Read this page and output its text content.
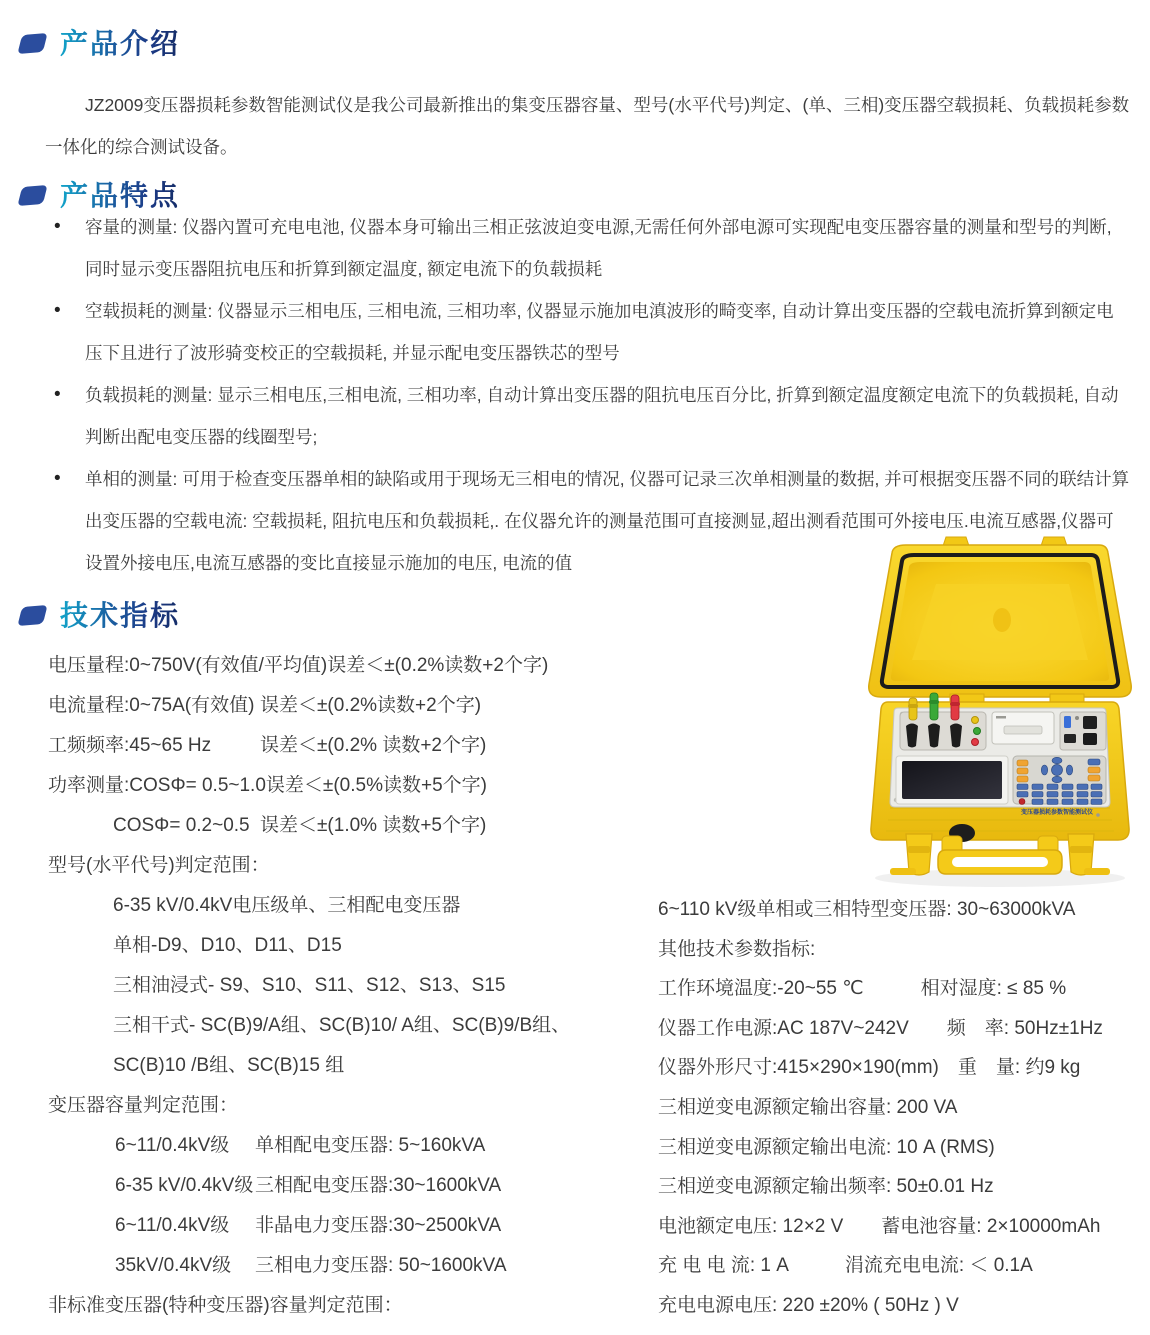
产品介绍

JZ2009变压器损耗参数智能测试仪是我公司最新推出的集变压器容量、型号(水平代号)判定、(单、三相)变压器空载损耗、负载损耗参数一体化的综合测试设备。

产品特点
• 容量的测量: 仪器內置可充电电池, 仪器本身可输出三相正弦波迫变电源,无需任何外部电源可实现配电变压器容量的测量和型号的判断, 同时显示变压器阻抗电压和折算到额定温度, 额定电流下的负载损耗
• 空载损耗的测量: 仪器显示三相电压, 三相电流, 三相功率, 仪器显示施加电滇波形的畸变率, 自动计算出变压器的空载电流折算到额定电压下且进行了波形骑变校正的空载损耗, 并显示配电变压器铁芯的型号
• 负载损耗的测量: 显示三相电压,三相电流, 三相功率, 自动计算出变压器的阻抗电压百分比, 折算到额定温度额定电流下的负载损耗, 自动判断出配电变压器的线圈型号;
• 单相的测量: 可用于检查变压器单相的缺陷或用于现场无三相电的情况, 仪器可记录三次单相测量的数据, 并可根据变压器不同的联结计算出变压器的空载电流: 空载损耗, 阻抗电压和负载损耗,. 在仪器允许的测量范围可直接测显,超出测看范围可外接电压.电流互感器,仪器可设置外接电压,电流互感器的变比直接显示施加的电压, 电流的值
技术指标
电压量程:0~750V(有效值/平均值) 误差＜±(0.2%读数+2个字)
电流量程:0~75A(有效值) 误差＜±(0.2%读数+2个字)
工频频率:45~65 Hz	误差＜±(0.2% 读数+2个字)
功率测量:COSΦ= 0.5~1.0 误差＜±(0.5%读数+5个字)
COSΦ= 0.2~0.5 误差＜±(1.0% 读数+5个字)
型号(水平代号)判定范围：
6-35 kV/0.4kV电压级单、三相配电变压器
单相-D9、D10、D11、D15
三相油浸式- S9、S10、S11、S12、S13、S15
三相干式- SC(B)9/A组、SC(B)10/ A组、SC(B)9/B组、
SC(B)10 /B组、SC(B)15 组
变压器容量判定范围：
6~11/0.4kV级	单相配电变压器: 5~160kVA
6-35 kV/0.4kV级 三相配电变压器:30~1600kVA
6~11/0.4kV级	非晶电力变压器:30~2500kVA
35kV/0.4kV级	三相电力变压器: 50~1600kVA
非标准变压器(特种变压器)容量判定范围：
6~110 kV级单相或三相特型变压器: 30~63000kVA
其他技术参数指标:
工作环境温度:-20~55 ℃　　　相对湿度: ≤ 85 %
仪器工作电源:AC 187V~242V　　频　率: 50Hz±1Hz
仪器外形尺寸:415×290×190(mm)　重　量: 约9 kg
三相逆变电源额定输出容量: 200 VA
三相逆变电源额定输出电流: 10 A (RMS)
三相逆变电源额定输出频率: 50±0.01 Hz
电池额定电压: 12×2 V　　蓄电池容量: 2×10000mAh
充 电 电 流: 1 A　　　涓流充电电流: ＜ 0.1A
充电电源电压: 220 ±20% ( 50Hz ) V
变压器损耗参数智能测试仪
